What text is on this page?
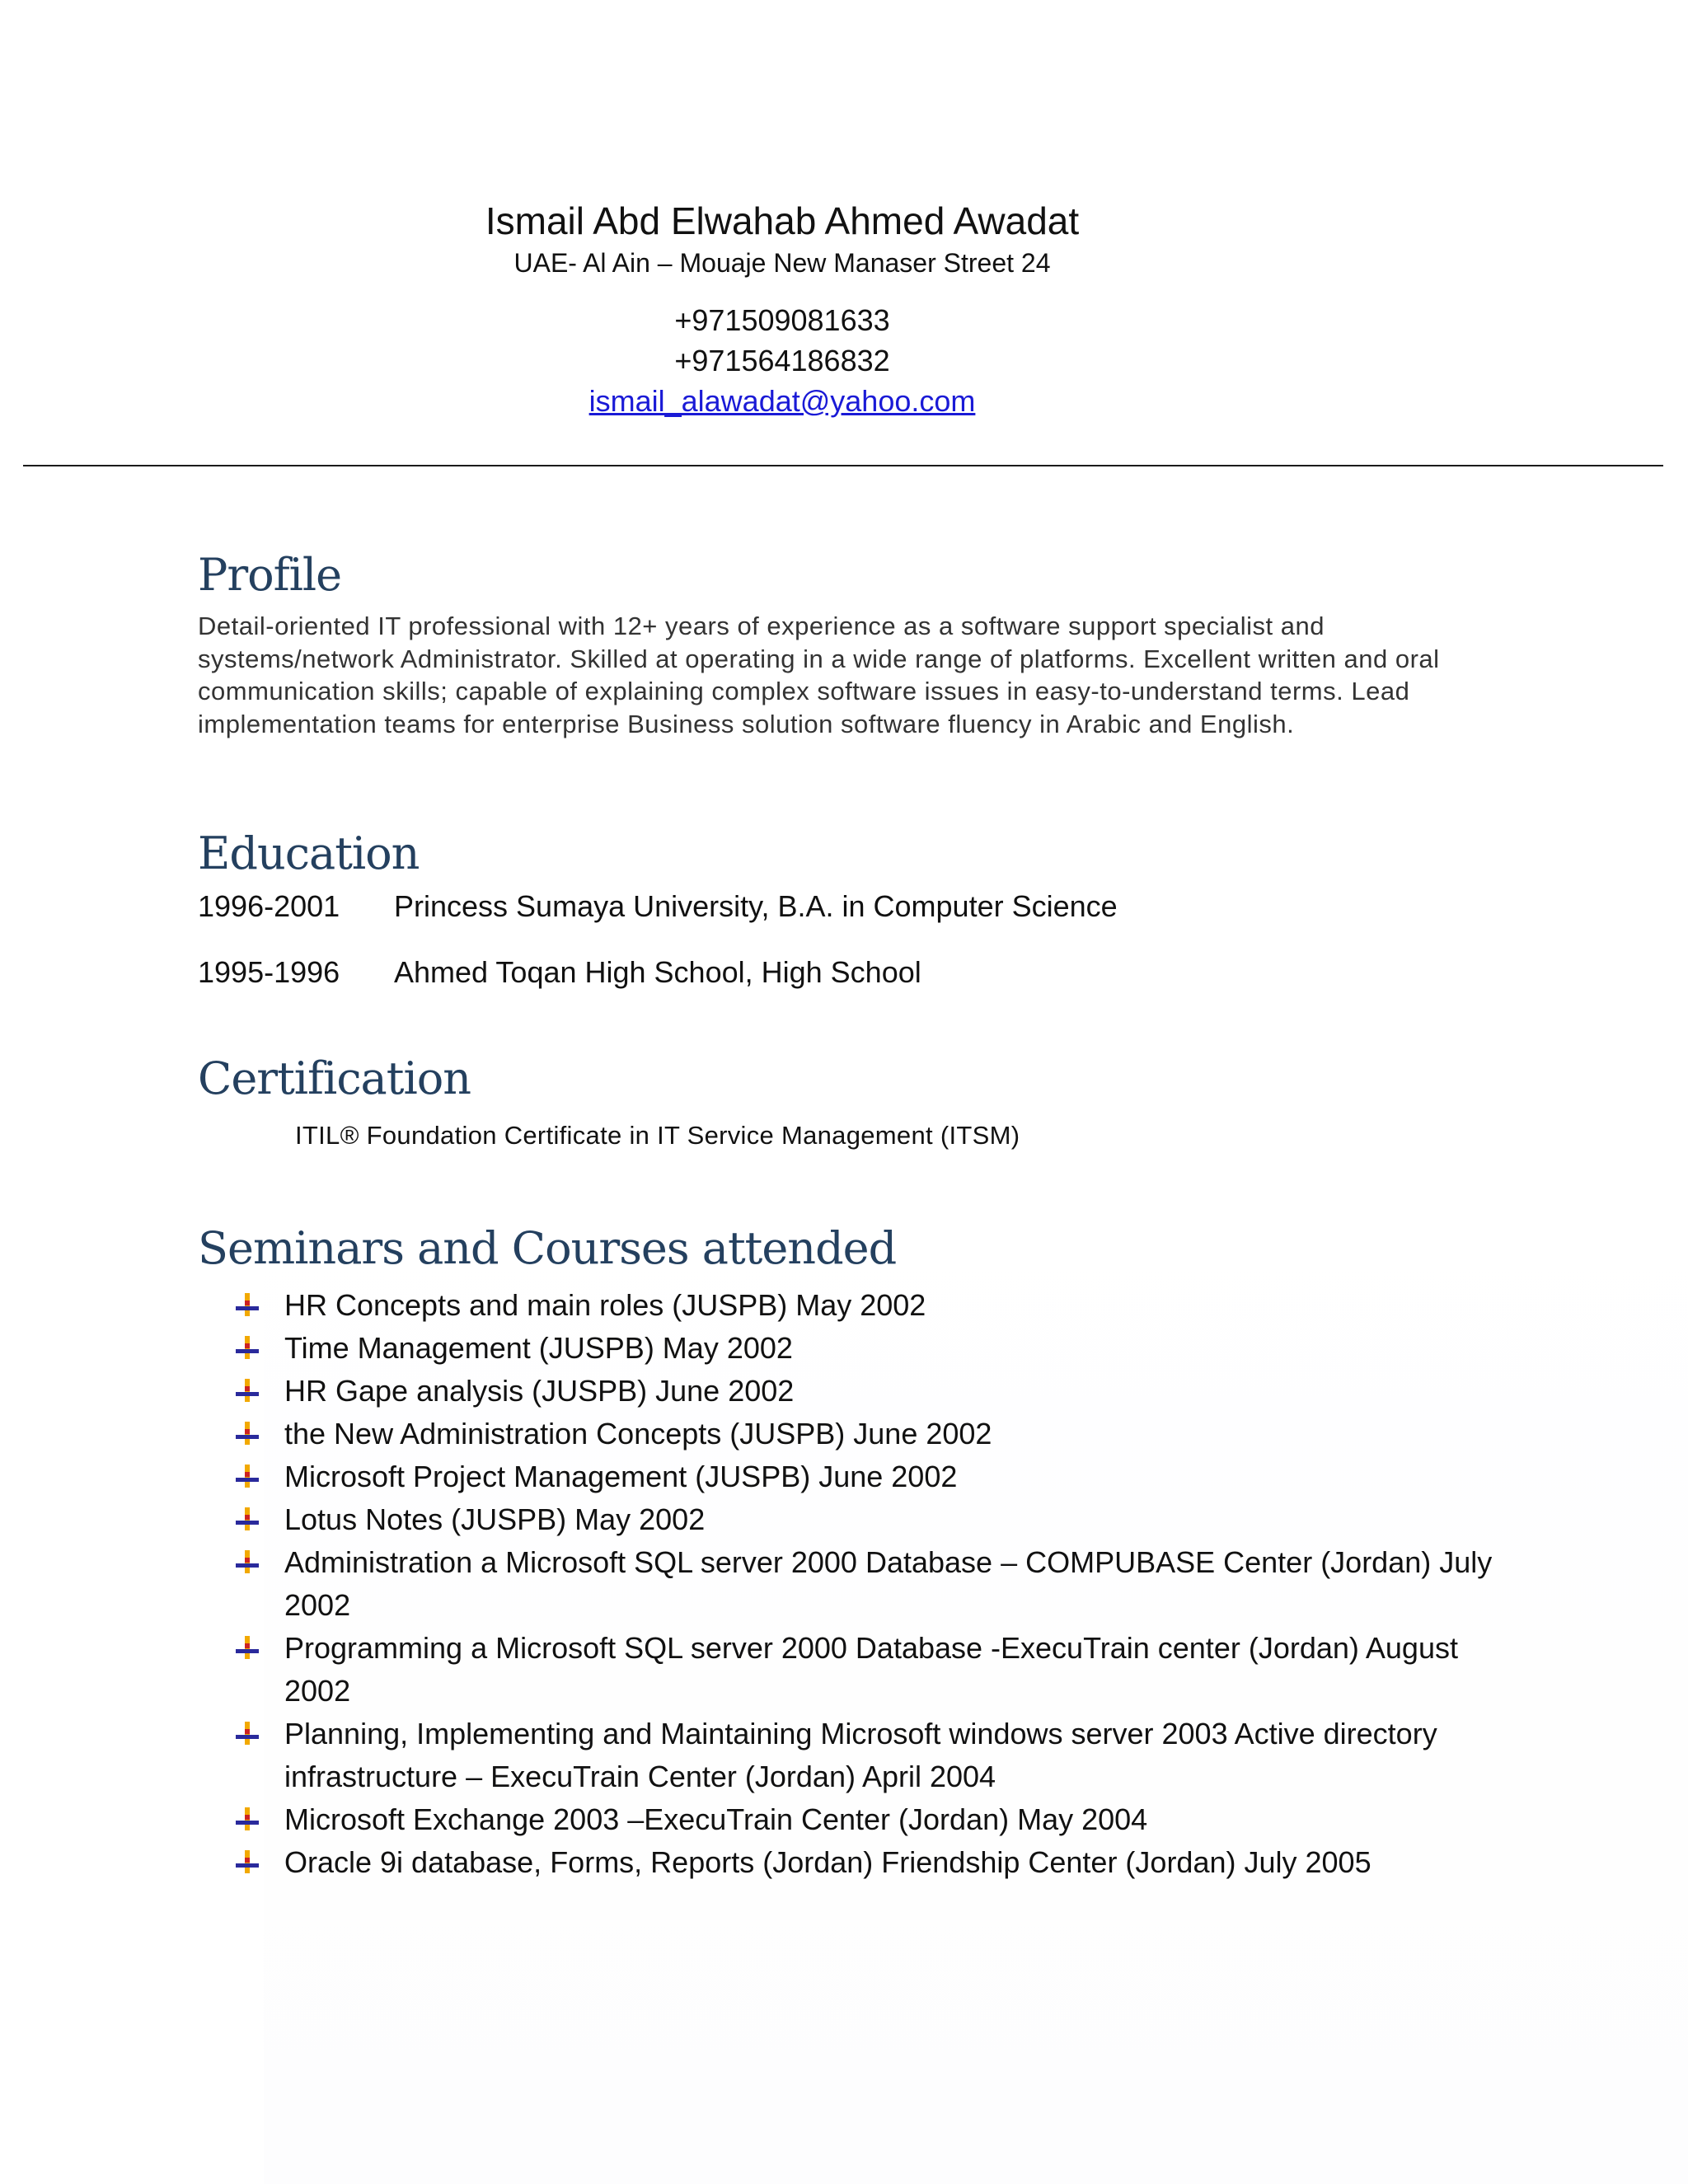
Ismail Abd Elwahab Ahmed Awadat
UAE- Al Ain – Mouaje New Manaser Street 24
+971509081633
+971564186832
ismail_alawadat@yahoo.com
Profile
Detail-oriented IT professional with 12+ years of experience as a software support specialist and systems/network Administrator. Skilled at operating in a wide range of platforms. Excellent written and oral communication skills; capable of explaining complex software issues in easy-to-understand terms. Lead implementation teams for enterprise Business solution software fluency in Arabic and English.
Education
1996-2001 Princess Sumaya University, B.A. in Computer Science
1995-1996 Ahmed Toqan High School, High School
Certification
ITIL® Foundation Certificate in IT Service Management (ITSM)
Seminars and Courses attended
HR Concepts and main roles (JUSPB) May 2002
Time Management (JUSPB) May 2002
HR Gape analysis (JUSPB) June 2002
the New Administration Concepts (JUSPB) June 2002
Microsoft Project Management (JUSPB) June 2002
Lotus Notes (JUSPB) May 2002
Administration a Microsoft SQL server 2000 Database – COMPUBASE Center (Jordan) July 2002
Programming a Microsoft SQL server 2000 Database -ExecuTrain center (Jordan) August 2002
Planning, Implementing and Maintaining Microsoft windows server 2003 Active directory infrastructure – ExecuTrain Center (Jordan) April 2004
Microsoft Exchange 2003 –ExecuTrain Center (Jordan) May 2004
Oracle 9i database, Forms, Reports (Jordan) Friendship Center (Jordan) July 2005
